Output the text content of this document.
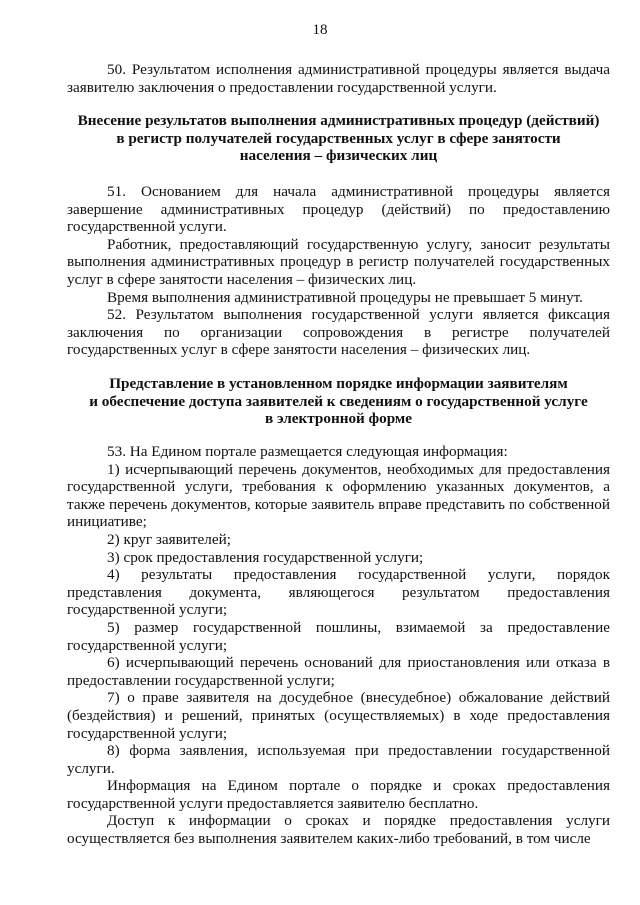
18

50. Результатом исполнения административной процедуры является выдача заявителю заключения о предоставлении государственной услуги.

Внесение результатов выполнения административных процедур (действий)
в регистр получателей государственных услуг в сфере занятости
населения – физических лиц

51. Основанием для начала административной процедуры является завершение административных процедур (действий) по предоставлению государственной услуги.

Работник, предоставляющий государственную услугу, заносит результаты выполнения административных процедур в регистр получателей государственных услуг в сфере занятости населения – физических лиц.

Время выполнения административной процедуры не превышает 5 минут.

52. Результатом выполнения государственной услуги является фиксация заключения по организации сопровождения в регистре получателей государственных услуг в сфере занятости населения – физических лиц.

Представление в установленном порядке информации заявителям
и обеспечение доступа заявителей к сведениям о государственной услуге
в электронной форме

53. На Едином портале размещается следующая информация:

1) исчерпывающий перечень документов, необходимых для предоставления государственной услуги, требования к оформлению указанных документов, а также перечень документов, которые заявитель вправе представить по собственной инициативе;

2) круг заявителей;

3) срок предоставления государственной услуги;

4) результаты предоставления государственной услуги, порядок представления документа, являющегося результатом предоставления государственной услуги;

5) размер государственной пошлины, взимаемой за предоставление государственной услуги;

6) исчерпывающий перечень оснований для приостановления или отказа в предоставлении государственной услуги;

7) о праве заявителя на досудебное (внесудебное) обжалование действий (бездействия) и решений, принятых (осуществляемых) в ходе предоставления государственной услуги;

8) форма заявления, используемая при предоставлении государственной услуги.

Информация на Едином портале о порядке и сроках предоставления государственной услуги предоставляется заявителю бесплатно.

Доступ к информации о сроках и порядке предоставления услуги осуществляется без выполнения заявителем каких-либо требований, в том числе
